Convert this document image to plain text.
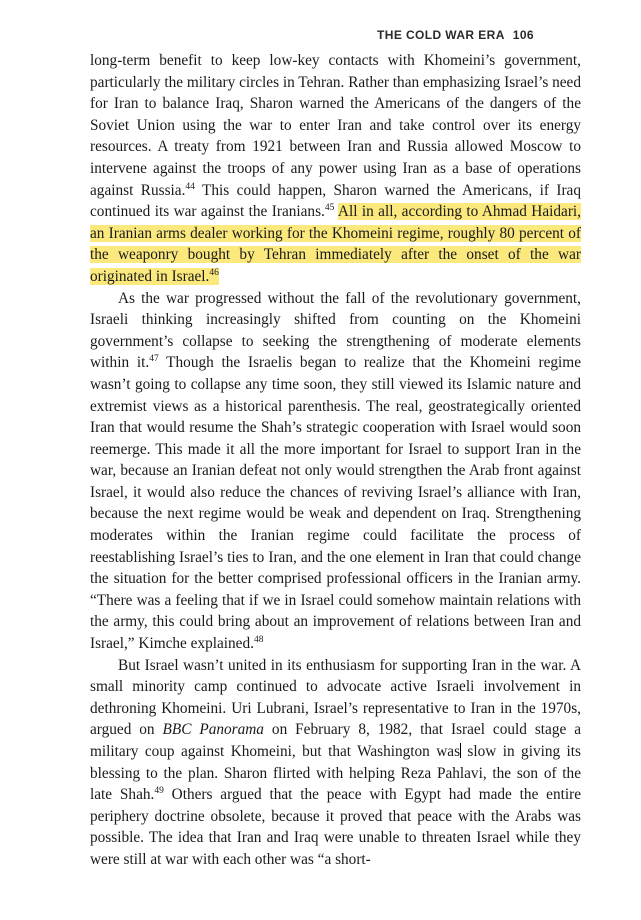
THE COLD WAR ERA 106

long-term benefit to keep low-key contacts with Khomeini’s government, particularly the military circles in Tehran. Rather than emphasizing Israel’s need for Iran to balance Iraq, Sharon warned the Americans of the dangers of the Soviet Union using the war to enter Iran and take control over its energy resources. A treaty from 1921 between Iran and Russia allowed Moscow to intervene against the troops of any power using Iran as a base of operations against Russia.$^{44}$ This could happen, Sharon warned the Americans, if Iraq continued its war against the Iranians.$^{45}$ All in all, according to Ahmad Haidari, an Iranian arms dealer working for the Khomeini regime, roughly 80 percent of the weaponry bought by Tehran immediately after the onset of the war originated in Israel.$^{46}$

As the war progressed without the fall of the revolutionary government, Israeli thinking increasingly shifted from counting on the Khomeini government’s collapse to seeking the strengthening of moderate elements within it.$^{47}$ Though the Israelis began to realize that the Khomeini regime wasn’t going to collapse any time soon, they still viewed its Islamic nature and extremist views as a historical parenthesis. The real, geostrategically oriented Iran that would resume the Shah’s strategic cooperation with Israel would soon reemerge. This made it all the more important for Israel to support Iran in the war, because an Iranian defeat not only would strengthen the Arab front against Israel, it would also reduce the chances of reviving Israel’s alliance with Iran, because the next regime would be weak and dependent on Iraq. Strengthening moderates within the Iranian regime could facilitate the process of reestablishing Israel’s ties to Iran, and the one element in Iran that could change the situation for the better comprised professional officers in the Iranian army. “There was a feeling that if we in Israel could somehow maintain relations with the army, this could bring about an improvement of relations between Iran and Israel,” Kimche explained.$^{48}$

But Israel wasn’t united in its enthusiasm for supporting Iran in the war. A small minority camp continued to advocate active Israeli involvement in dethroning Khomeini. Uri Lubrani, Israel’s representative to Iran in the 1970s, argued on BBC Panorama on February 8, 1982, that Israel could stage a military coup against Khomeini, but that Washington was slow in giving its blessing to the plan. Sharon flirted with helping Reza Pahlavi, the son of the late Shah.$^{49}$ Others argued that the peace with Egypt had made the entire periphery doctrine obsolete, because it proved that peace with the Arabs was possible. The idea that Iran and Iraq were unable to threaten Israel while they were still at war with each other was “a short-
